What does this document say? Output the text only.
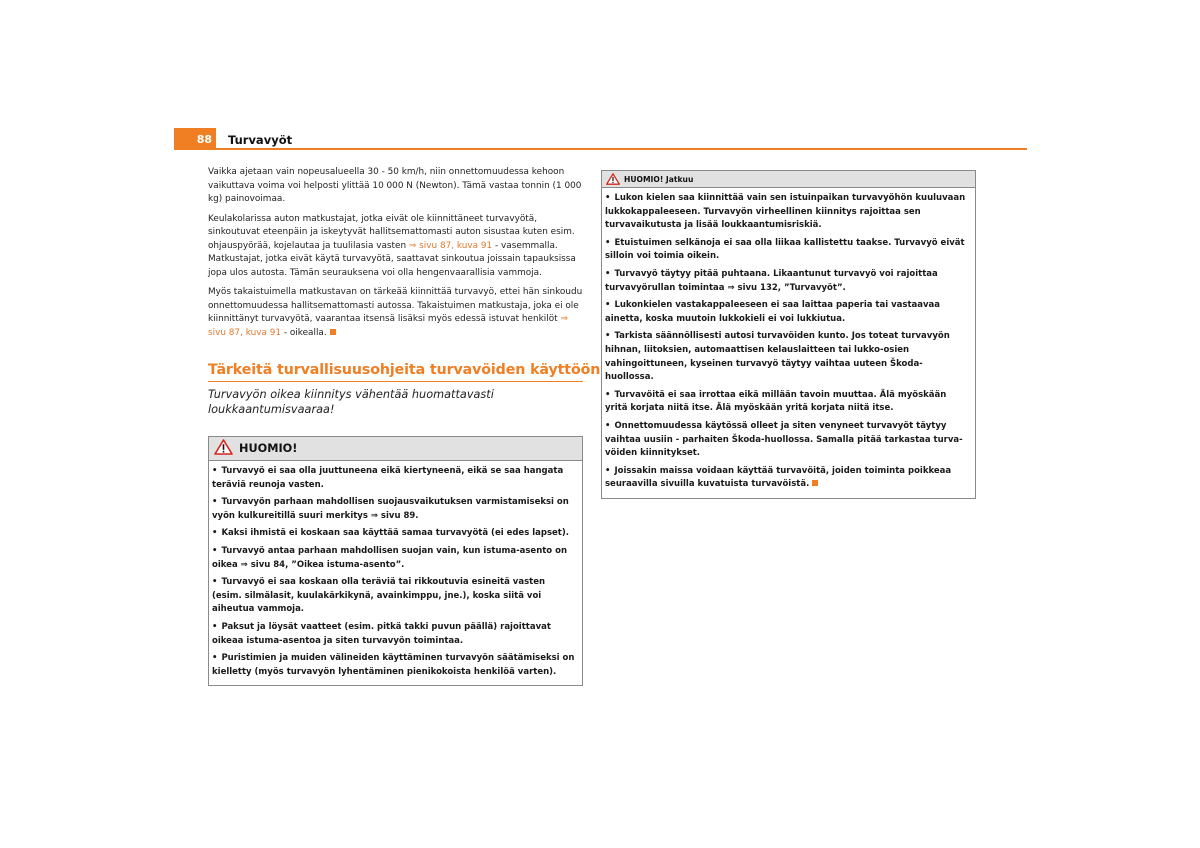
88	Turvavyöt

Vaikka ajetaan vain nopeusalueella 30 - 50 km/h, niin onnettomuudessa kehoon vaikuttava voima voi helposti ylittää 10 000 N (Newton). Tämä vastaa tonnin (1 000 kg) painovoimaa.

Keulakolarissa auton matkustajat, jotka eivät ole kiinnittäneet turvavyötä, sinkoutuvat eteenpäin ja iskeytyvät hallitsemattomasti auton sisustaa kuten esim. ohjauspyörää, kojelautaa ja tuulilasia vasten ⇒ sivu 87, kuva 91 - vasemmalla. Matkustajat, jotka eivät käytä turvavyötä, saattavat sinkoutua joissain tapauksissa jopa ulos autosta. Tämän seurauksena voi olla hengenvaarallisia vammoja.

Myös takaistuimella matkustavan on tärkeää kiinnittää turvavyö, ettei hän sinkoudu onnettomuudessa hallitsemattomasti autossa. Takaistuimen matkustaja, joka ei ole kiinnittänyt turvavyötä, vaarantaa itsensä lisäksi myös edessä istuvat henkilöt ⇒ sivu 87, kuva 91 - oikealla.

Tärkeitä turvallisuusohjeita turvavöiden käyttöön

Turvavyön oikea kiinnitys vähentää huomattavasti loukkaantumisvaaraa!

HUOMIO!

• Turvavyö ei saa olla juuttuneena eikä kiertyneenä, eikä se saa hangata teräviä reunoja vasten.

• Turvavyön parhaan mahdollisen suojausvaikutuksen varmistamiseksi on vyön kulkureitillä suuri merkitys ⇒ sivu 89.

• Kaksi ihmistä ei koskaan saa käyttää samaa turvavyötä (ei edes lapset).

• Turvavyö antaa parhaan mahdollisen suojan vain, kun istuma-asento on oikea ⇒ sivu 84, ”Oikea istuma-asento”.

• Turvavyö ei saa koskaan olla teräviä tai rikkoutuvia esineitä vasten (esim. silmälasit, kuulakärkikynä, avainkimppu, jne.), koska siitä voi aiheutua vammoja.

• Paksut ja löysät vaatteet (esim. pitkä takki puvun päällä) rajoittavat oikeaa istuma-asentoa ja siten turvavyön toimintaa.

• Puristimien ja muiden välineiden käyttäminen turvavyön säätämiseksi on kielletty (myös turvavyön lyhentäminen pienikokoista henkilöä varten).

HUOMIO! Jatkuu

• Lukon kielen saa kiinnittää vain sen istuinpaikan turvavyöhön kuuluvaan lukkokappaleeseen. Turvavyön virheellinen kiinnitys rajoittaa sen turvavaikutusta ja lisää loukkaantumisriskiä.

• Etuistuimen selkänoja ei saa olla liikaa kallistettu taakse. Turvavyö eivät silloin voi toimia oikein.

• Turvavyö täytyy pitää puhtaana. Likaantunut turvavyö voi rajoittaa turvavyörullan toimintaa ⇒ sivu 132, ”Turvavyöt”.

• Lukonkielen vastakappaleeseen ei saa laittaa paperia tai vastaavaa ainetta, koska muutoin lukkokieli ei voi lukkiutua.

• Tarkista säännöllisesti autosi turvavöiden kunto. Jos toteat turvavyön hihnan, liitoksien, automaattisen kelauslaitteen tai lukko-osien vahingoittuneen, kyseinen turvavyö täytyy vaihtaa uuteen Škoda-huollossa.

• Turvavöitä ei saa irrottaa eikä millään tavoin muuttaa. Älä myöskään yritä korjata niitä itse. Älä myöskään yritä korjata niitä itse.

• Onnettomuudessa käytössä olleet ja siten venyneet turvavyöt täytyy vaihtaa uusiin - parhaiten Škoda-huollossa. Samalla pitää tarkastaa turvavöiden kiinnitykset.

• Joissakin maissa voidaan käyttää turvavöitä, joiden toiminta poikkeaa seuraavilla sivuilla kuvatuista turvavöistä.
